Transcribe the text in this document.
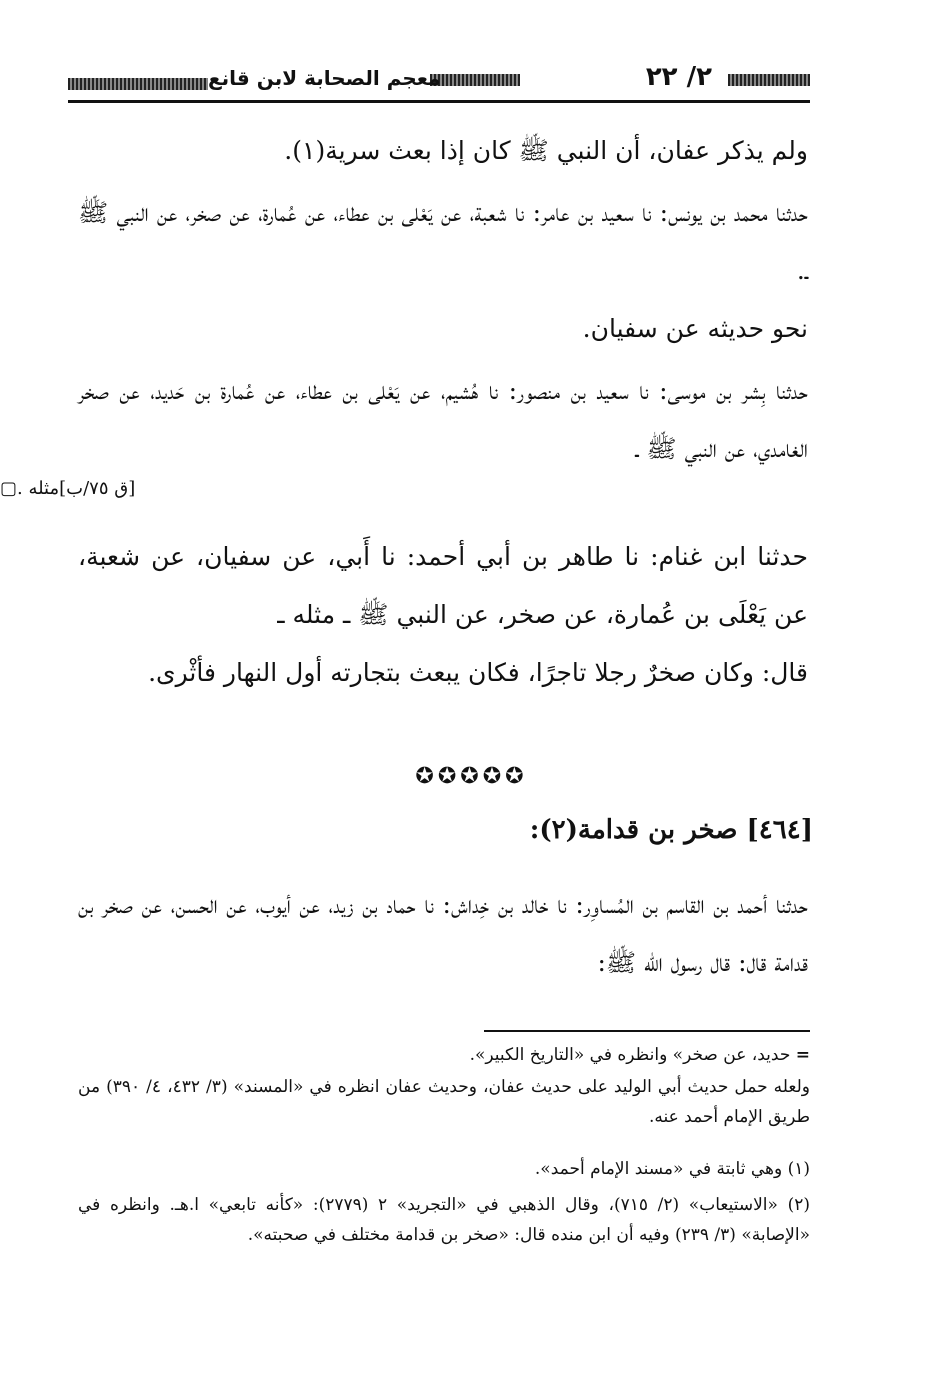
٢/ ٢٢
معجم الصحابة لابن قانع
ولم يذكر عفان، أن النبي ﷺ كان إذا بعث سرية(١).
حدثنا محمد بن يونس: نا سعيد بن عامر: نا شعبة، عن يَعْلى بن عطاء، عن عُمارة، عن صخر، عن النبي ﷺ ـ.
نحو حديثه عن سفيان.
حدثنا بِشر بن موسى: نا سعيد بن منصور: نا هُشيم، عن يَعْلى بن عطاء، عن عُمارة بن حَديد، عن صخر الغامدي، عن النبي ﷺ ـ
[ق ٧٥/ب]مثله .▢
حدثنا ابن غنام: نا طاهر بن أبي أحمد: نا أَبي، عن سفيان، عن شعبة، عن يَعْلَى بن عُمارة، عن صخر، عن النبي ﷺ ـ مثله ـ
قال: وكان صخرٌ رجلا تاجرًا، فكان يبعث بتجارته أول النهار فأثْرى.
✪✪✪✪✪
[٤٦٤] صخر بن قدامة(٢):
حدثنا أحمد بن القاسم بن المُساوِر: نا خالد بن خِداش: نا حماد بن زيد، عن أيوب، عن الحسن، عن صخر بن قدامة قال: قال رسول الله ﷺ:
= حديد، عن صخر» وانظره في «التاريخ الكبير».
ولعله حمل حديث أبي الوليد على حديث عفان، وحديث عفان انظره في «المسند» (٣/ ٤٣٢، ٤/ ٣٩٠) من طريق الإمام أحمد عنه.
(١) وهي ثابتة في «مسند الإمام أحمد».
(٢) «الاستيعاب» (٢/ ٧١٥)، وقال الذهبي في «التجريد» ٢ (٢٧٧٩): «كأنه تابعي» ا.هـ. وانظره في «الإصابة» (٣/ ٢٣٩) وفيه أن ابن منده قال: «صخر بن قدامة مختلف في صحبته».
